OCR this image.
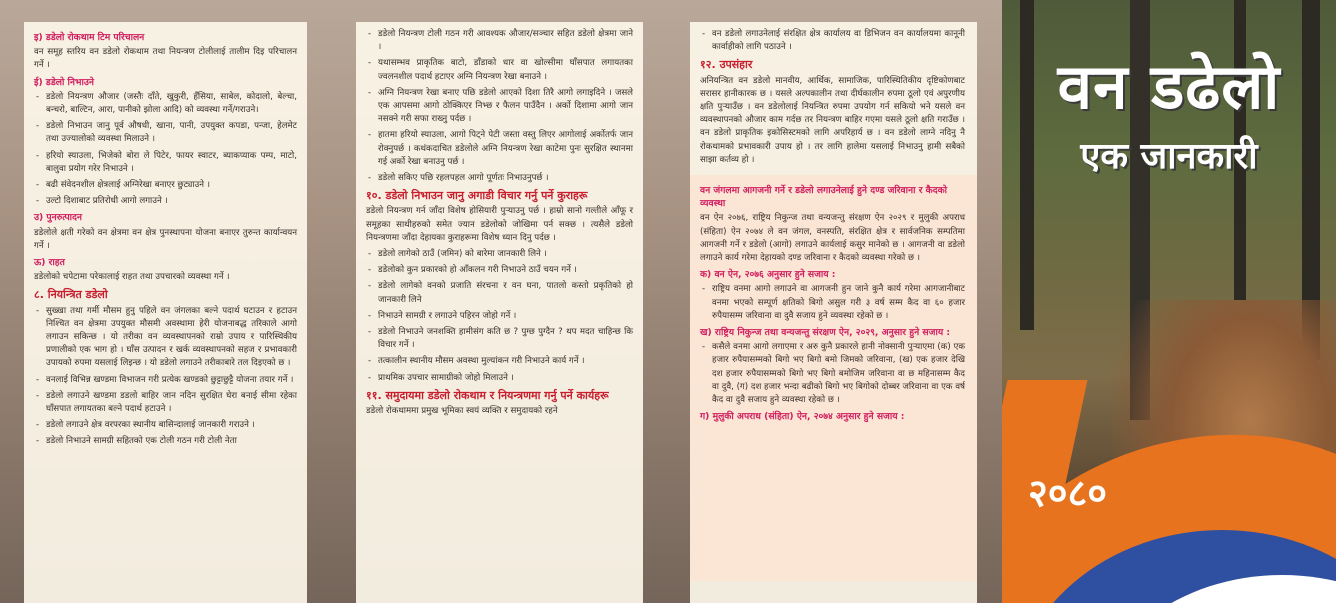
इ) डडेलो रोकथाम टिम परिचालन
वन समूह स्तरिय वन डडेलो रोकथाम तथा नियन्त्रण टोलीलाई तालीम दिइ परिचालन गर्ने ।
ई) डडेलो निभाउने
- डडेलो नियन्त्रण औजार (जस्तैः दाँते, खुकुरी, हँसिया, साबेल, कोदालो, बेल्चा, बन्चरो, बाल्टिन, आरा, पानीको झोला आदि) को व्यवस्था गर्ने/गराउने।
- डडेलो निभाउन जानु पूर्व औषधी, खाना, पानी, उपयुक्त कपडा, पन्जा, हेलमेट तथा उज्यालोको व्यवस्था मिलाउने ।
- हरियो स्याउला, भिजेको बोरा ले पिटेर, फायर स्वाटर, ब्याकप्याक पम्प, माटो, बालुवा प्रयोग गरेर निभाउने ।
- बढी संवेदनशील क्षेत्रलाई अग्निरेखा बनाएर छुट्याउने ।
- उल्टो दिशाबाट प्रतिरोधी आगो लगाउने ।
उ) पुनरुत्पादन
डडेलोले क्षती गरेको वन क्षेत्रमा वन क्षेत्र पुनस्थापना योजना बनाएर तुरुन्त कार्यान्वयन गर्ने ।
ऊ) राहत
डडेलोको चपेटामा परेकालाई राहत तथा उपचारको व्यवस्था गर्ने ।
८. नियन्त्रित डडेलो
- सुख्खा तथा गर्मी मौसम हुनु पहिले वन जंगलका बल्ने पदार्थ घटाउन र हटाउन निश्चित वन क्षेत्रमा उपयुक्त मौसमी अवस्थामा हेरी योजनाबद्ध तरिकाले आगो लगाउन सकिन्छ । यो तरीका वन व्यवस्थापनको राम्रो उपाय र पारिस्थिकीय प्रणालीको एक भाग हो । घाँस उत्पादन र खर्क व्यवस्थापनको सहज र प्रभावकारी उपायको रुपमा यसलाई लिइन्छ । यो डडेलो लगाउने तरीकाबारे तल दिइएको छ ।
- वनलाई विभिन्न खण्डमा विभाजन गरी प्रत्येक खण्डको छुट्टाछुट्टै योजना तयार गर्ने ।
- डडेलो लगाउने खण्डमा डडलो बाहिर जान नदिन सुरक्षित घेरा बनाई सीमा रहेका घाँसपात लगायतका बल्ने पदार्थ हटाउने ।
- डडेलो लगाउने क्षेत्र वरपरका स्थानीय बासिन्दालाई जानकारी गराउने ।
- डडेलो निभाउने सामग्री सहितको एक टोली गठन गरी टोली नेता
- डडेलो नियन्त्रण टोली गठन गरी आवश्यक औजार/सञ्चार सहित डडेलो क्षेत्रमा जाने ।
- यथासम्भव प्राकृतिक बाटो, डाँडाको धार वा खोल्सीमा घाँसपात लगायतका ज्वलनशील पदार्थ हटाएर अग्नि नियन्त्रण रेखा बनाउने ।
- अग्नि नियन्त्रण रेखा बनाए पछि डडेलो आएको दिशा तिरै आगो लगाइदिने । जसले एक आपसमा आगो ठोक्किएर निभ्छ र फैलन पाउँदैन । अर्को दिशामा आगो जान नसक्ने गरी सफा राख्नु पर्दछ ।
- हातमा हरियो स्याउला, आगो पिट्ने पेटी जस्ता वस्तु लिएर आगोलाई अर्कोतर्फ जान रोक्नुपर्छ । कथंकदाचित डडेलोले अग्नि नियन्त्रण रेखा काटेमा पुनः सुरक्षित स्थानमा गई अर्को रेखा बनाउनु पर्छ ।
- डडेलो सकिए पछि रहलपहल आगो पूर्णतः निभाउनुपर्छ ।
१०. डडेलो निभाउन जानु अगाडी विचार गर्नु पर्ने कुराहरू
डडेलो नियन्त्रण गर्न जाँदा विशेष होसियारी पुऱ्याउनु पर्छ । हाम्रो सानो गल्तीले आँफू र समूहका साथीहरुको समेत ज्यान डडेलोको जोखिमा पर्न सक्छ । त्यसैले डडेलो नियन्त्रणमा जाँदा देहायका कुराहरूमा विशेष ध्यान दिनु पर्दछ ।
- डडेलो लागेको ठाउँ (जमिन) को बारेमा जानकारी लिने ।
- डडेलोको कुन प्रकारको हो आँकलन गरी निभाउने ठाउँ चयन गर्ने ।
- डडेलो लागेको वनको प्रजाति संरचना र वन घना, पातलो कस्तो प्रकृतिको हो जानकारी लिने
- निभाउने सामग्री र लगाउने पहिरन जोहो गर्ने ।
- डडेलो निभाउने जनशक्ति हामीसंग कति छ ? पुग्छ पुग्दैन ? थप मदत चाहिन्छ कि विचार गर्ने ।
- तत्कालीन स्थानीय मौसम अवस्था मुल्यांकन गरी निभाउने कार्य गर्ने ।
- प्राथमिक उपचार सामाग्रीको जोहो मिलाउने ।
११. समुदायमा डडेलो रोकथाम र नियन्त्रणमा गर्नु पर्ने कार्यहरू
डडेलो रोकथाममा प्रमुख भूमिका स्वयं व्यक्ति र समुदायको रहने
- वन डडेलो लगाउनेलाई संरक्षित क्षेत्र कार्यालय वा डिभिजन वन कार्यालयमा कानूनी कार्वाहीको लागि पठाउने ।
१२. उपसंहार
अनियन्त्रित वन डडेलो मानवीय, आर्थिक, सामाजिक, पारिस्थितिकीय दृष्टिकोणबाट सरासर हानीकारक छ । यसले अल्पकालीन तथा दीर्घकालीन रुपमा ठूलो एवं अपुरणीय क्षति पुऱ्याउँछ । वन डडेलोलाई नियन्त्रित रुपमा उपयोग गर्न सकियो भने यसले वन व्यवस्थापनको औजार काम गर्दछ तर नियन्त्रण बाहिर गएमा यसले ठूलो क्षति गराउँछ । वन डडेलो प्राकृतिक इकोसिस्टमको लागि अपरिहार्य छ । वन डडेलो लाग्ने नदिनु नै रोकथामको प्रभावकारी उपाय हो । तर लागि हालेमा यसलाई निभाउनु हामी सबैको साझा कर्तव्य हो ।
वन जंगलमा आगजनी गर्ने र डडेलो लगाउनेलाई हुने दण्ड जरिवाना र कैदको व्यवस्था
वन ऐन २०७६, राष्ट्रिय निकुन्ज तथा वन्यजन्तु संरक्षण ऐन २०२९ र मुलुकी अपराध (संहिता) ऐन २०७४ ले वन जंगल, वनस्पति, संरक्षित क्षेत्र र सार्वजनिक सम्पतिमा आगजनी गर्ने र डडेलो (आगो) लगाउने कार्यलाई कसुर मानेको छ । आगजनी वा डडेलो लगाउने कार्य गरेमा देहायको दण्ड जरिवाना र कैदको व्यवस्था गरेको छ ।
क) वन ऐन, २०७६ अनुसार हुने सजाय :
- राष्ट्रिय वनमा आगो लगाउने वा आगजनी हुन जाने कुनै कार्य गरेमा आगजानीबाट वनमा भएको सम्पूर्ण क्षतिको बिगो असुल गरी ३ वर्ष सम्म कैद वा ६० हजार रुपैयासम्म जरिवाना वा दुवै सजाय हुने व्यवस्था रहेको छ ।
ख) राष्ट्रिय निकुन्ज तथा वन्यजन्तु संरक्षण ऐन, २०२९, अनुसार हुने सजाय :
- कसैले वनमा आगो लगाएमा र अरु कुनै प्रकारले हानी नोक्सानी पुऱ्याएमा (क) एक हजार रुपैयासम्मको बिगो भए बिगो बमो जिमको जरिवाना, (ख) एक हजार देखि दश हजार रुपैयासम्मको बिगो भए बिगो बमोजिम जरिवाना वा छ महिनासम्म कैद वा दुवै, (ग) दश हजार भन्दा बढीको बिगो भए बिगोको दोब्बर जरिवाना वा एक वर्ष कैद वा दुवै सजाय हुने व्यवस्था रहेको छ ।
ग) मुलुकी अपराध (संहिता) ऐन, २०७४ अनुसार हुने सजाय :
वन डढेलो
एक जानकारी
२०८०
